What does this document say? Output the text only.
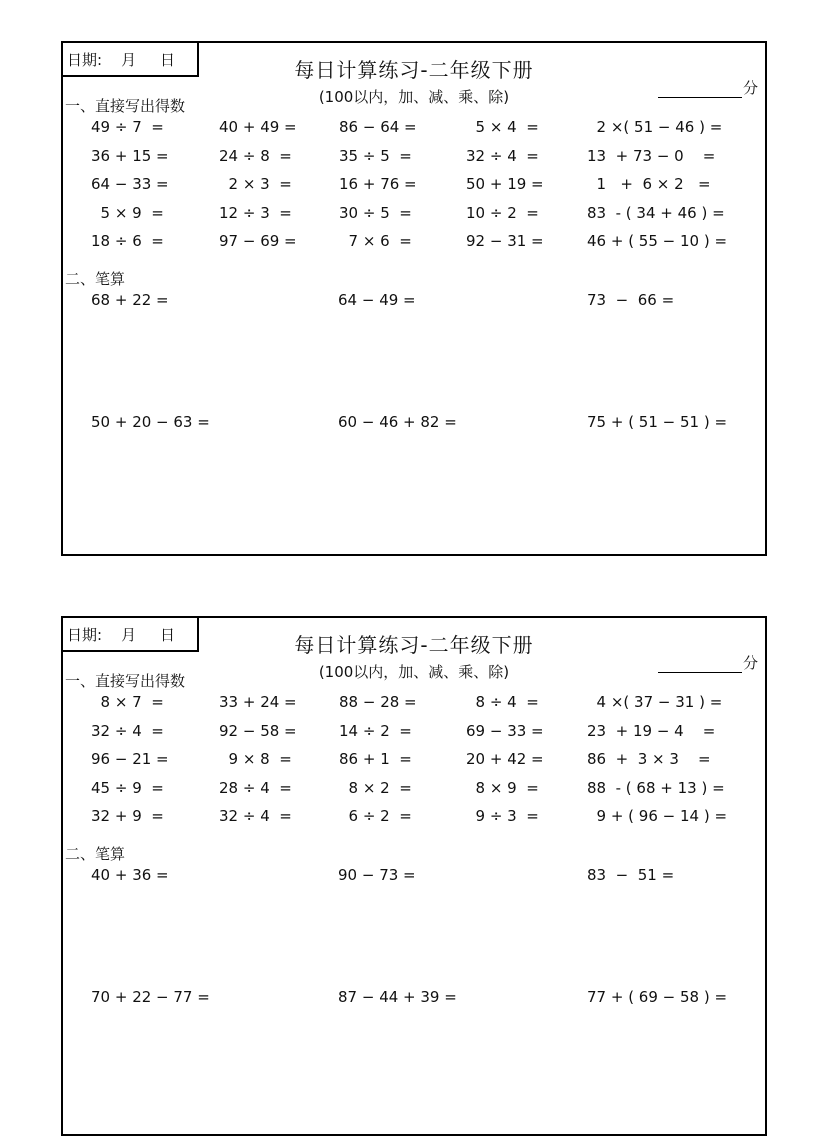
日期:    月     日	每日计算练习-二年级下册
(100以内，加、减、乘、除)	分
一、直接写出得数
49 ÷ 7  =	40 + 49 =	86 − 64 =	5 × 4  =	2 ×( 51 − 46 ) =
36 + 15 =	24 ÷ 8  =	35 ÷ 5  =	32 ÷ 4  =	13  + 73 − 0    =
64 − 33 =	2 × 3  =	16 + 76 =	50 + 19 =	1   +  6 × 2   =
5 × 9  =	12 ÷ 3  =	30 ÷ 5  =	10 ÷ 2  =	83  - ( 34 + 46 ) =
18 ÷ 6  =	97 − 69 =	7 × 6  =	92 − 31 =	46 + ( 55 − 10 ) =
二、笔算
68 + 22 =	64 − 49 =	73  −  66 =
50 + 20 − 63 =	60 − 46 + 82 =	75 + ( 51 − 51 ) =
日期:    月     日	每日计算练习-二年级下册
(100以内，加、减、乘、除)	分
一、直接写出得数
8 × 7  =	33 + 24 =	88 − 28 =	8 ÷ 4  =	4 ×( 37 − 31 ) =
32 ÷ 4  =	92 − 58 =	14 ÷ 2  =	69 − 33 =	23  + 19 − 4    =
96 − 21 =	9 × 8  =	86 + 1  =	20 + 42 =	86  +  3 × 3    =
45 ÷ 9  =	28 ÷ 4  =	8 × 2  =	8 × 9  =	88  - ( 68 + 13 ) =
32 + 9  =	32 ÷ 4  =	6 ÷ 2  =	9 ÷ 3  =	9 + ( 96 − 14 ) =
二、笔算
40 + 36 =	90 − 73 =	83  −  51 =
70 + 22 − 77 =	87 − 44 + 39 =	77 + ( 69 − 58 ) =
